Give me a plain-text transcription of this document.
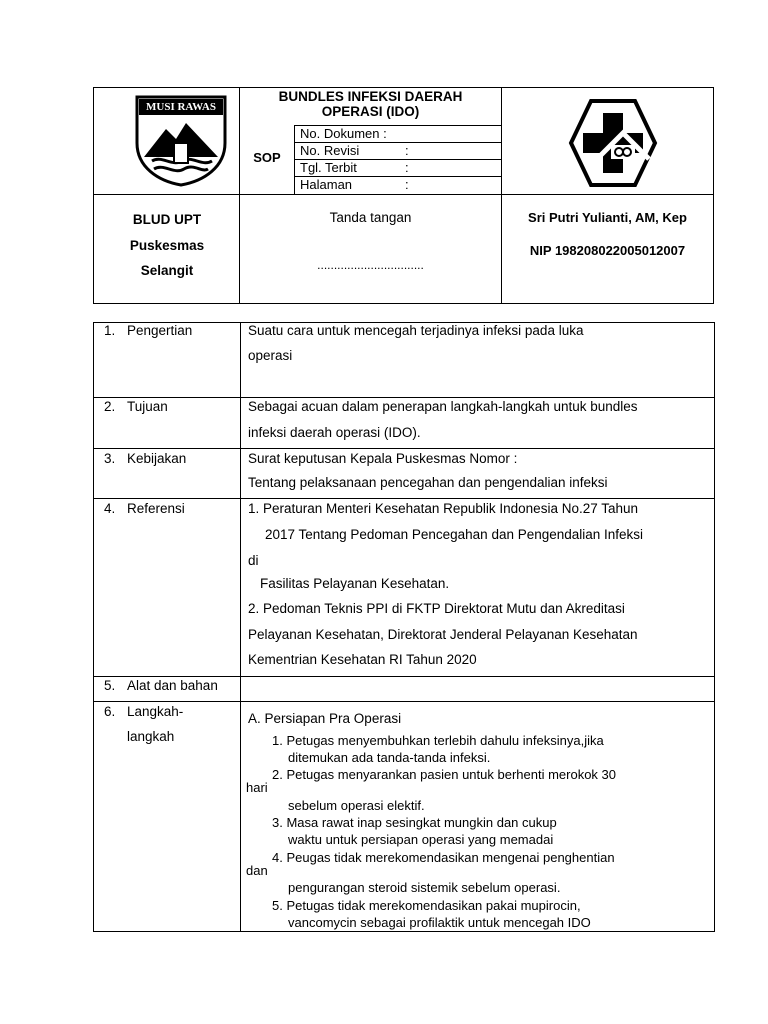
MUSI RAWAS
BUNDLES INFEKSI DAERAH
OPERASI (IDO)
SOP
No. Dokumen :
No. Revisi	:
Tgl. Terbit	:
Halaman	:
BLUD UPT
Puskesmas
Selangit
Tanda tangan
................................
Sri Putri Yulianti, AM, Kep
NIP 198208022005012007
1. Pengertian	Suatu cara untuk mencegah terjadinya infeksi pada luka
operasi
2. Tujuan	Sebagai acuan dalam penerapan langkah-langkah untuk bundles
infeksi daerah operasi (IDO).
3. Kebijakan	Surat keputusan Kepala Puskesmas Nomor :
Tentang pelaksanaan pencegahan dan pengendalian infeksi
4. Referensi	1. Peraturan Menteri Kesehatan Republik Indonesia No.27 Tahun
2017 Tentang Pedoman Pencegahan dan Pengendalian Infeksi
di
Fasilitas Pelayanan Kesehatan.
2. Pedoman Teknis PPI di FKTP Direktorat Mutu dan Akreditasi
Pelayanan Kesehatan, Direktorat Jenderal Pelayanan Kesehatan
Kementrian Kesehatan RI Tahun 2020
5. Alat dan bahan
6. Langkah-
langkah
A. Persiapan Pra Operasi
1. Petugas menyembuhkan terlebih dahulu infeksinya,jika
ditemukan ada tanda-tanda infeksi.
2. Petugas menyarankan pasien untuk berhenti merokok 30
hari
sebelum operasi elektif.
3. Masa rawat inap sesingkat mungkin dan cukup
waktu untuk persiapan operasi yang memadai
4. Peugas tidak merekomendasikan mengenai penghentian
dan
pengurangan steroid sistemik sebelum operasi.
5. Petugas tidak merekomendasikan pakai mupirocin,
vancomycin sebagai profilaktik untuk mencegah IDO
